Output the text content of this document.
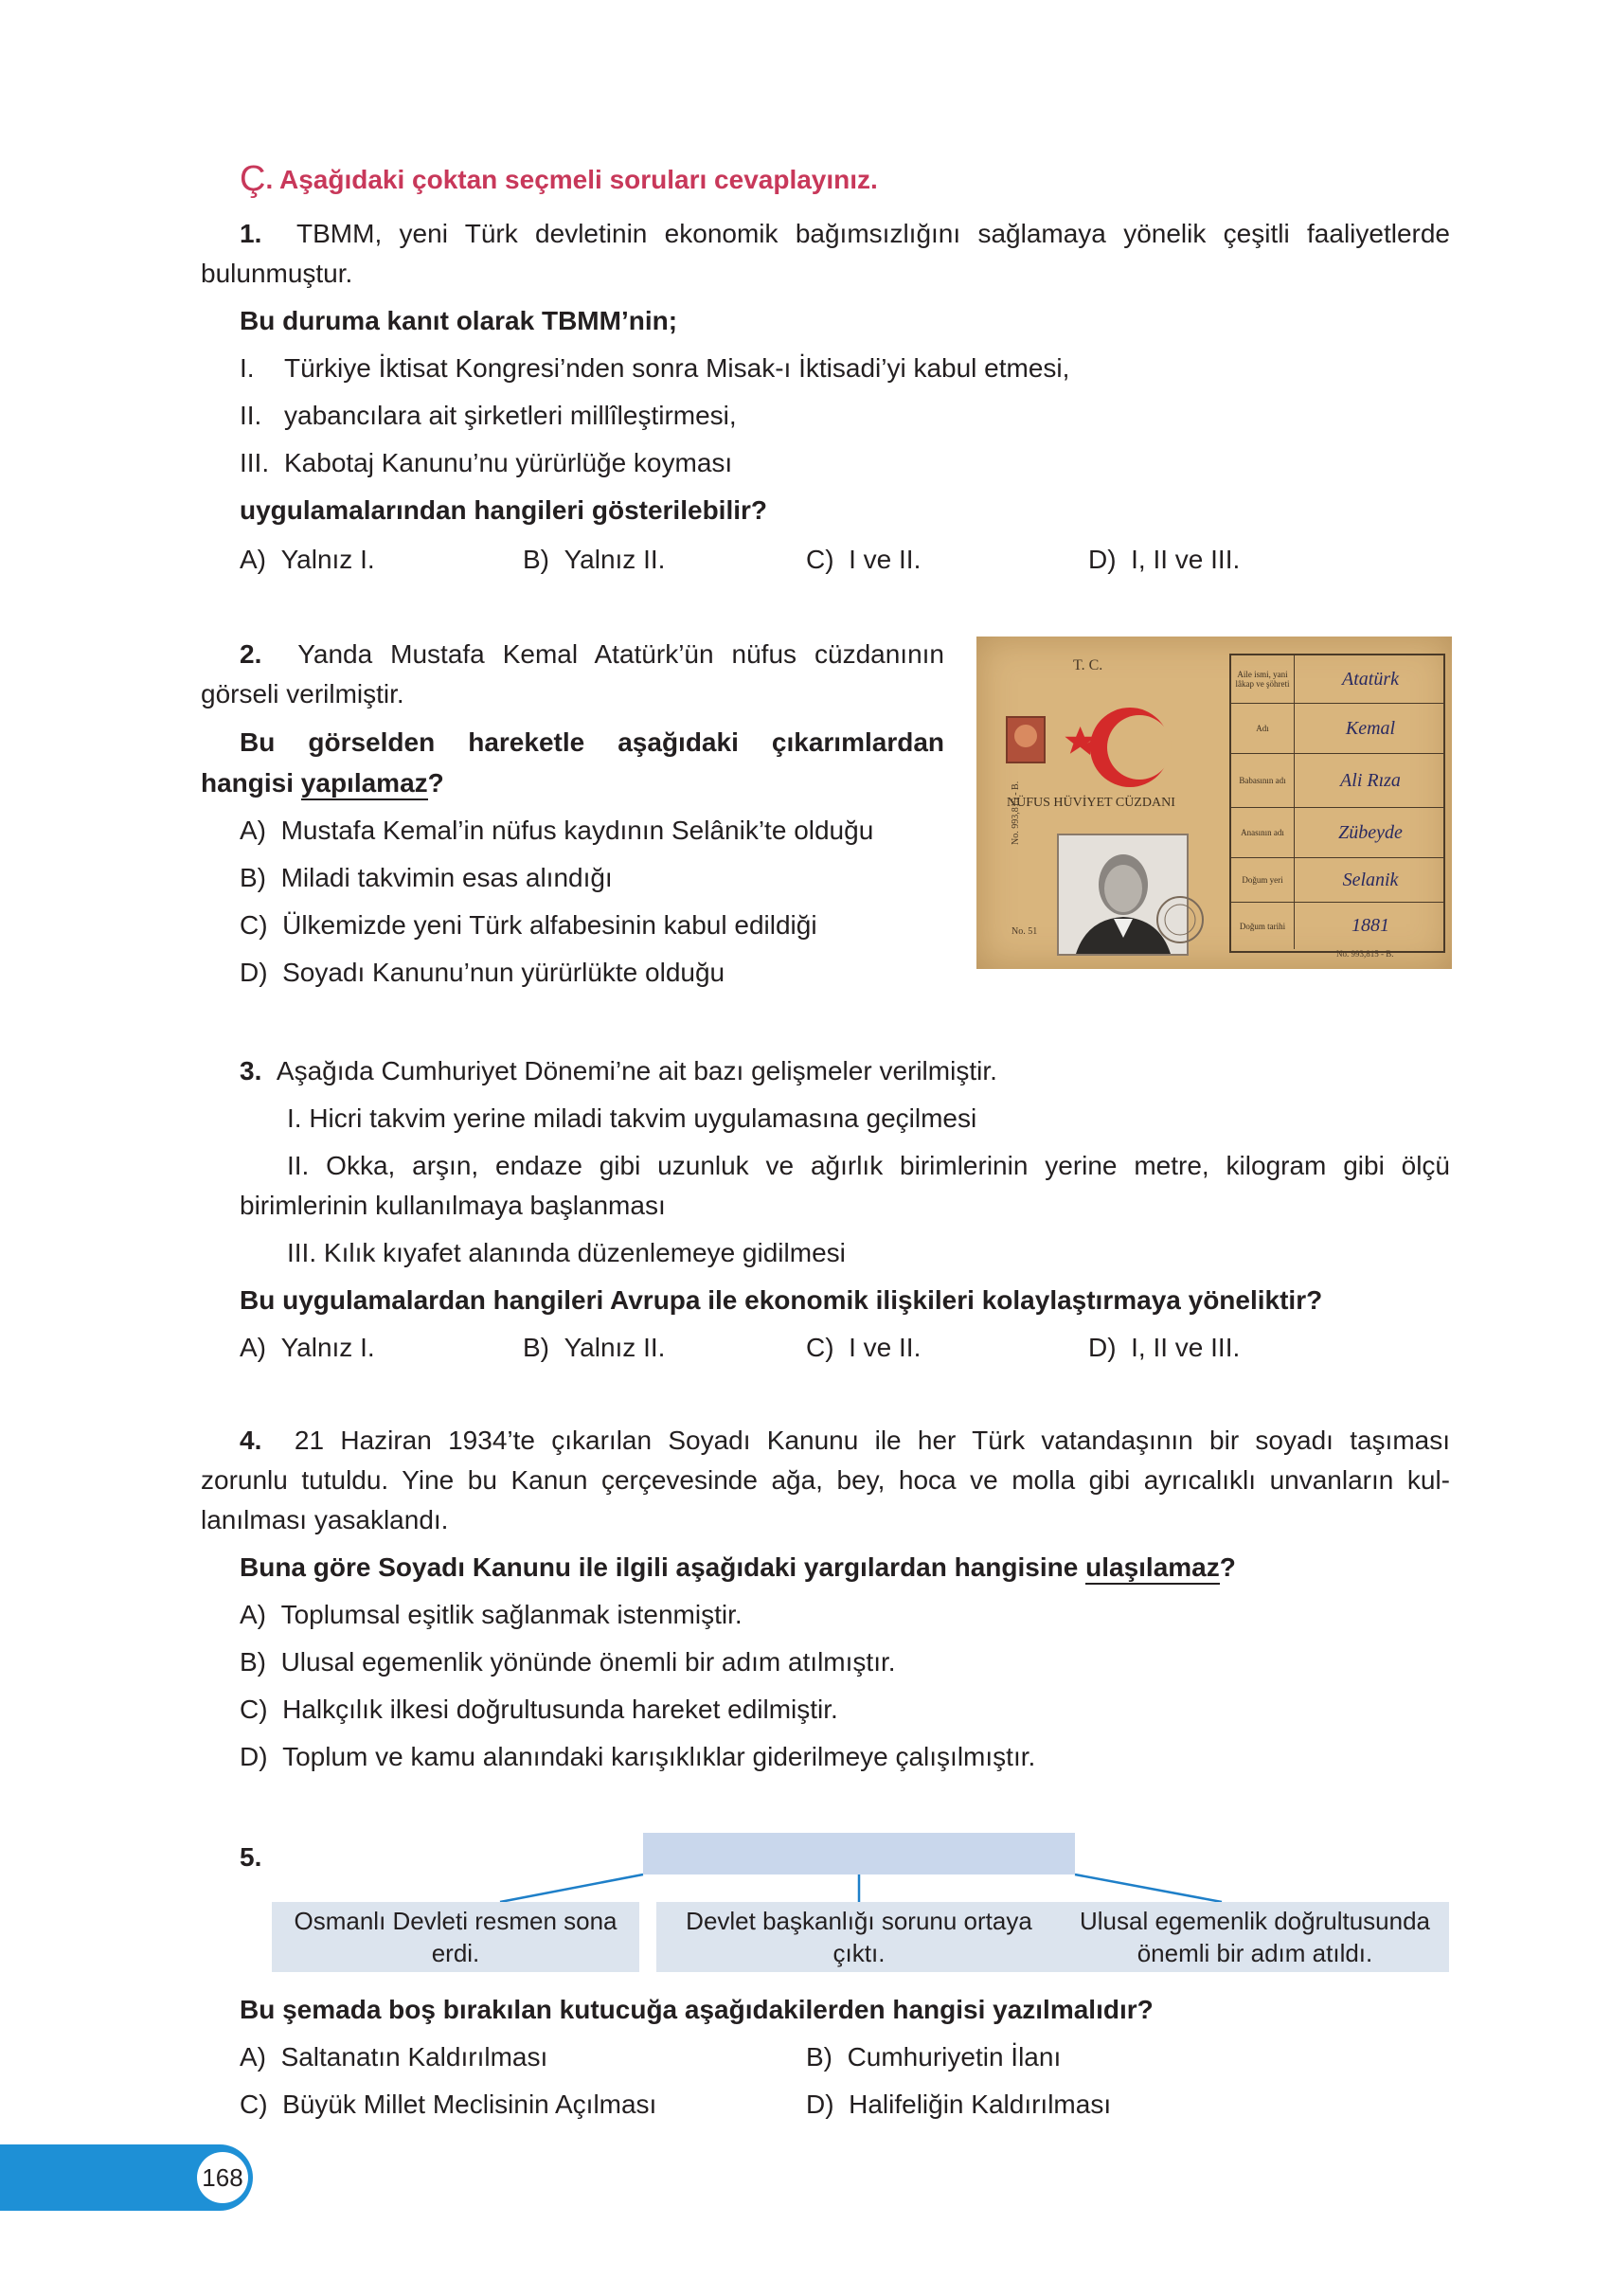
Ç. Aşağıdaki çoktan seçmeli soruları cevaplayınız.
1. TBMM, yeni Türk devletinin ekonomik bağımsızlığını sağlamaya yönelik çeşitli faaliyetlerde
bulunmuştur.
Bu duruma kanıt olarak TBMM’nin;
I. Türkiye İktisat Kongresi’nden sonra Misak-ı İktisadi’yi kabul etmesi,
II. yabancılara ait şirketleri millîleştirmesi,
III. Kabotaj Kanunu’nu yürürlüğe koyması
uygulamalarından hangileri gösterilebilir?
A) Yalnız I.	B) Yalnız II.	C) I ve II.	D) I, II ve III.
2. Yanda Mustafa Kemal Atatürk’ün nüfus cüzdanının
görseli verilmiştir.
Bu görselden hareketle aşağıdaki çıkarımlardan
hangisi yapılamaz?
A) Mustafa Kemal’in nüfus kaydının Selânik’te olduğu
B) Miladi takvimin esas alındığı
C) Ülkemizde yeni Türk alfabesinin kabul edildiği
D) Soyadı Kanunu’nun yürürlükte olduğu
T. C.
NÜFUS HÜVİYET CÜZDANI
No. 993,815 - B.
No. 51
Aile ismi, yani lâkap ve şöhreti	Atatürk
Adı	Kemal
Babasının adı	Ali Rıza
Anasının adı	Zübeyde
Doğum yeri	Selanik
Doğum tarihi	1881
No. 993,815 - B.
3. Aşağıda Cumhuriyet Dönemi’ne ait bazı gelişmeler verilmiştir.
I. Hicri takvim yerine miladi takvim uygulamasına geçilmesi
II. Okka, arşın, endaze gibi uzunluk ve ağırlık birimlerinin yerine metre, kilogram gibi ölçü
birimlerinin kullanılmaya başlanması
III. Kılık kıyafet alanında düzenlemeye gidilmesi
Bu uygulamalardan hangileri Avrupa ile ekonomik ilişkileri kolaylaştırmaya yöneliktir?
A) Yalnız I.	B) Yalnız II.	C) I ve II.	D) I, II ve III.
4. 21 Haziran 1934’te çıkarılan Soyadı Kanunu ile her Türk vatandaşının bir soyadı taşıması
zorunlu tutuldu. Yine bu Kanun çerçevesinde ağa, bey, hoca ve molla gibi ayrıcalıklı unvanların kul-
lanılması yasaklandı.
Buna göre Soyadı Kanunu ile ilgili aşağıdaki yargılardan hangisine ulaşılamaz?
A) Toplumsal eşitlik sağlanmak istenmiştir.
B) Ulusal egemenlik yönünde önemli bir adım atılmıştır.
C) Halkçılık ilkesi doğrultusunda hareket edilmiştir.
D) Toplum ve kamu alanındaki karışıklıklar giderilmeye çalışılmıştır.
5.
Osmanlı Devleti resmen sona
erdi.
Devlet başkanlığı sorunu ortaya
çıktı.
Ulusal egemenlik doğrultusunda
önemli bir adım atıldı.
Bu şemada boş bırakılan kutucuğa aşağıdakilerden hangisi yazılmalıdır?
A) Saltanatın Kaldırılması	B) Cumhuriyetin İlanı
C) Büyük Millet Meclisinin Açılması	D) Halifeliğin Kaldırılması
168
